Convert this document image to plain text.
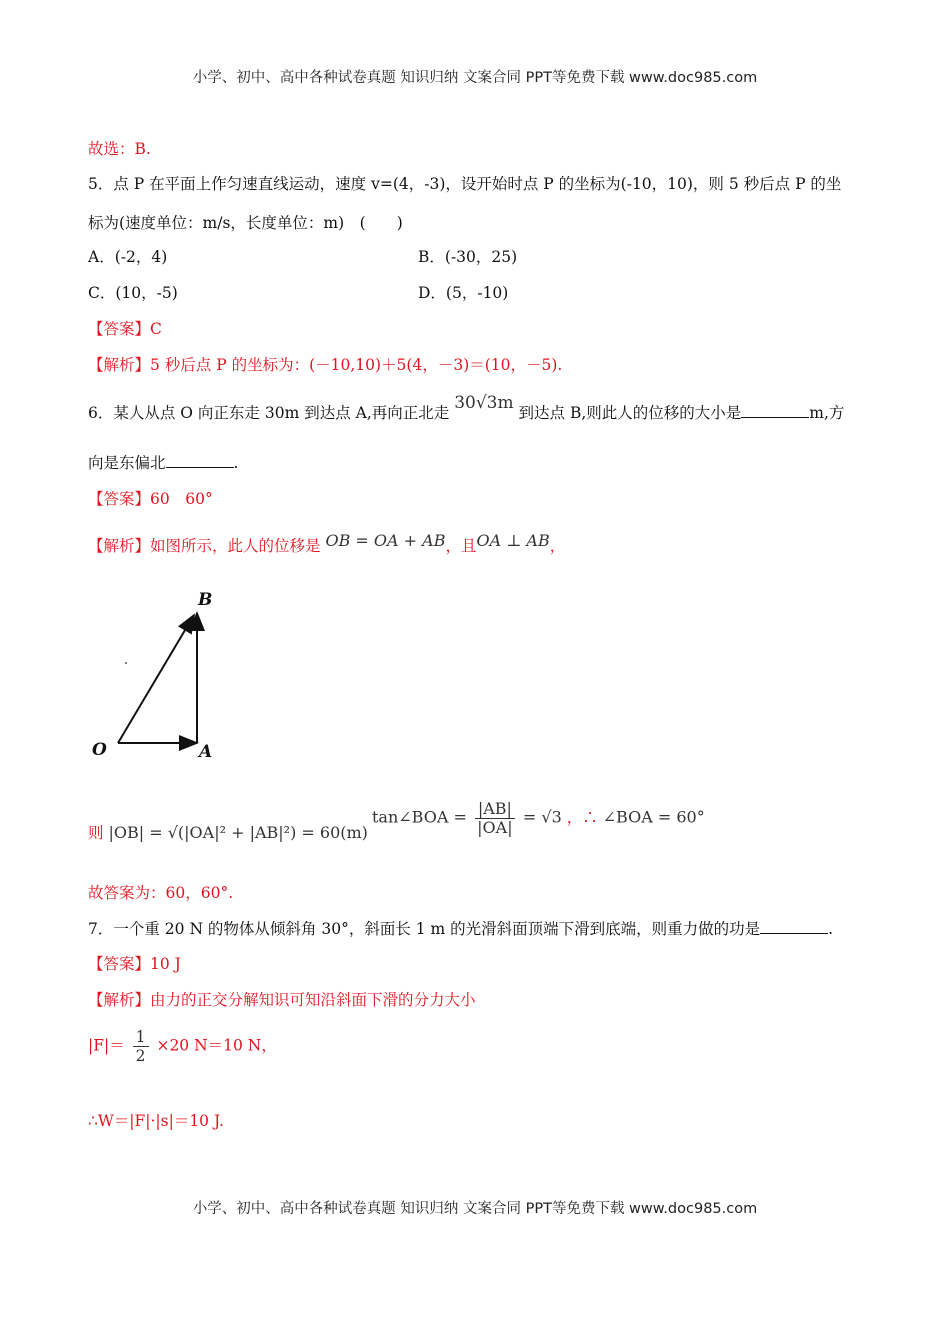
小学、初中、高中各种试卷真题 知识归纳 文案合同 PPT等免费下载 www.doc985.com
故选：B.
5．点 P 在平面上作匀速直线运动，速度 v=(4，-3)，设开始时点 P 的坐标为(-10，10)，则 5 秒后点 P 的坐
标为(速度单位：m/s，长度单位：m)　(　　)
A．(-2，4)	B．(-30，25)
C．(10，-5)	D．(5，-10)
【答案】C
【解析】5 秒后点 P 的坐标为：(－10,10)＋5(4，－3)＝(10，－5).
6．某人从点 O 向正东走 30m 到达点 A,再向正北走 30√3m 到达点 B,则此人的位移的大小是	m,方
向是东偏北	.
【答案】60　60°
【解析】如图所示，此人的位移是 OB = OA + AB，且OA ⊥ AB，
B
O	A
则 |OB| = √(|OA|² + |AB|²) = 60(m)
tan∠BOA = $\frac{|AB|}{|OA|} = √3$ ，∴ ∠BOA = 60°
故答案为：60，60°.
7．一个重 20 N 的物体从倾斜角 30°，斜面长 1 m 的光滑斜面顶端下滑到底端，则重力做的功是	.
【答案】10 J
【解析】由力的正交分解知识可知沿斜面下滑的分力大小
$|F|= \frac{1}{2} \times 20$ N＝10 N，
∴W＝|F|·|s|＝10 J.
小学、初中、高中各种试卷真题 知识归纳 文案合同 PPT等免费下载 www.doc985.com
